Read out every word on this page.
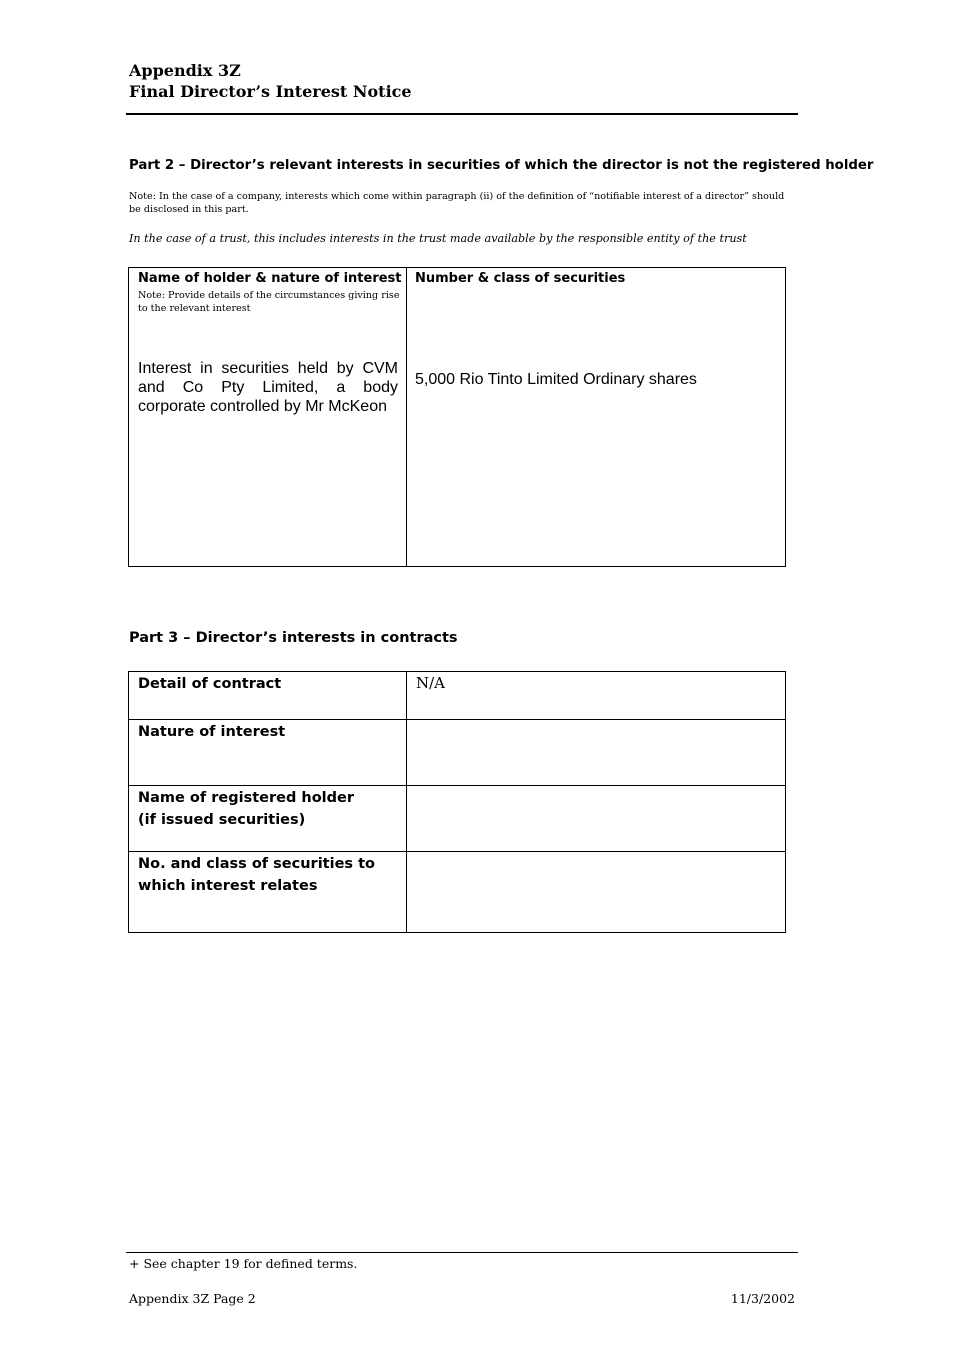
Appendix 3Z
Final Director’s Interest Notice
Part 2 – Director’s relevant interests in securities of which the director is not the registered holder
Note: In the case of a company, interests which come within paragraph (ii) of the definition of “notifiable interest of a director” should be disclosed in this part.
In the case of a trust, this includes interests in the trust made available by the responsible entity of the trust
Name of holder & nature of interest
Note: Provide details of the circumstances giving rise to the relevant interest
Number & class of securities
Interest in securities held by CVM and Co Pty Limited, a body corporate controlled by Mr McKeon
5,000 Rio Tinto Limited Ordinary shares
Part 3 – Director’s interests in contracts
Detail of contract	N/A
Nature of interest
Name of registered holder
(if issued securities)
No. and class of securities to which interest relates
+ See chapter 19 for defined terms.
Appendix 3Z Page 2	11/3/2002
